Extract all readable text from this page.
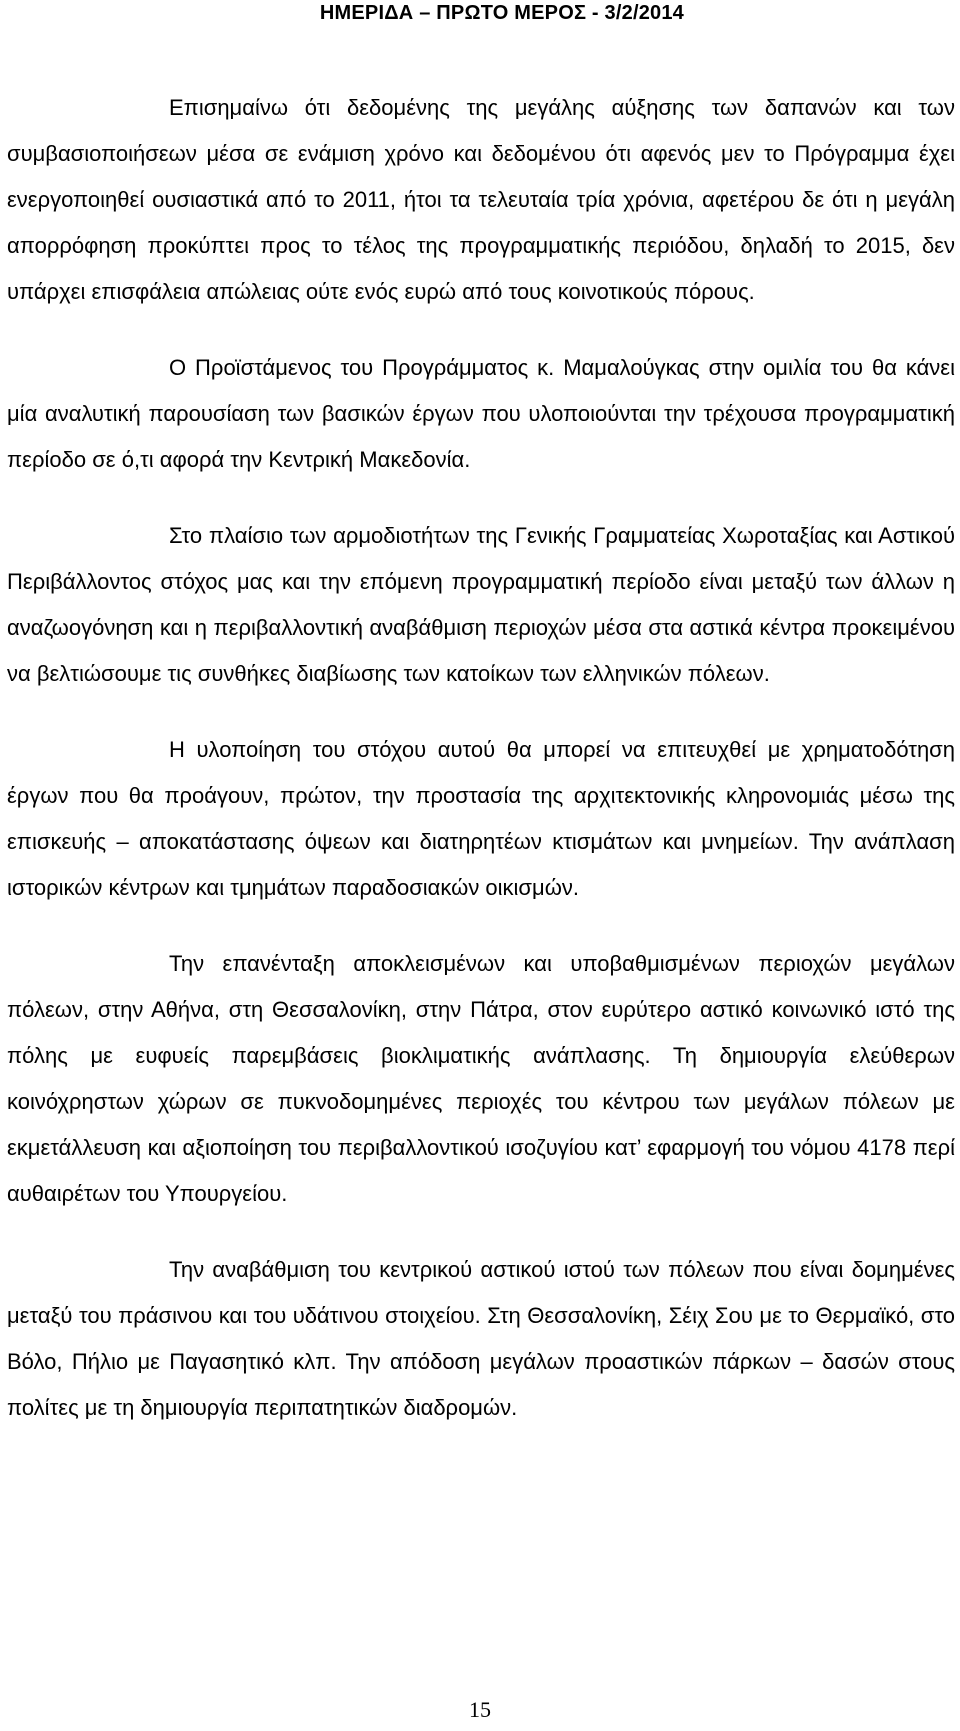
ΗΜΕΡΙΔΑ – ΠΡΩΤΟ ΜΕΡΟΣ - 3/2/2014

Επισημαίνω ότι δεδομένης της μεγάλης αύξησης των δαπανών και των συμβασιοποιήσεων μέσα σε ενάμιση χρόνο και δεδομένου ότι αφενός μεν το Πρόγραμμα έχει ενεργοποιηθεί ουσιαστικά από το 2011, ήτοι τα τελευταία τρία χρόνια, αφετέρου δε ότι η μεγάλη απορρόφηση προκύπτει προς το τέλος της προγραμματικής περιόδου, δηλαδή το 2015, δεν υπάρχει επισφάλεια απώλειας ούτε ενός ευρώ από τους κοινοτικούς πόρους.

Ο Προϊστάμενος του Προγράμματος κ. Μαμαλούγκας στην ομιλία του θα κάνει μία αναλυτική παρουσίαση των βασικών έργων που υλοποιούνται την τρέχουσα προγραμματική περίοδο σε ό,τι αφορά την Κεντρική Μακεδονία.

Στο πλαίσιο των αρμοδιοτήτων της Γενικής Γραμματείας Χωροταξίας και Αστικού Περιβάλλοντος στόχος μας και την επόμενη προγραμματική περίοδο είναι μεταξύ των άλλων η αναζωογόνηση και η περιβαλλοντική αναβάθμιση περιοχών μέσα στα αστικά κέντρα προκειμένου να βελτιώσουμε τις συνθήκες διαβίωσης των κατοίκων των ελληνικών πόλεων.

Η υλοποίηση του στόχου αυτού θα μπορεί να επιτευχθεί με χρηματοδότηση έργων που θα προάγουν, πρώτον, την προστασία της αρχιτεκτονικής κληρονομιάς μέσω της επισκευής – αποκατάστασης όψεων και διατηρητέων κτισμάτων και μνημείων. Την ανάπλαση ιστορικών κέντρων και τμημάτων παραδοσιακών οικισμών.

Την επανένταξη αποκλεισμένων και υποβαθμισμένων περιοχών μεγάλων πόλεων, στην Αθήνα, στη Θεσσαλονίκη, στην Πάτρα, στον ευρύτερο αστικό κοινωνικό ιστό της πόλης με ευφυείς παρεμβάσεις βιοκλιματικής ανάπλασης. Τη δημιουργία ελεύθερων κοινόχρηστων χώρων σε πυκνοδομημένες περιοχές του κέντρου των μεγάλων πόλεων με εκμετάλλευση και αξιοποίηση του περιβαλλοντικού ισοζυγίου κατ’ εφαρμογή του νόμου 4178 περί αυθαιρέτων του Υπουργείου.

Την αναβάθμιση του κεντρικού αστικού ιστού των πόλεων που είναι δομημένες μεταξύ του πράσινου και του υδάτινου στοιχείου. Στη Θεσσαλονίκη, Σέιχ Σου με το Θερμαϊκό, στο Βόλο, Πήλιο με Παγασητικό κλπ. Την απόδοση μεγάλων προαστικών πάρκων – δασών στους πολίτες με τη δημιουργία περιπατητικών διαδρομών.

15
